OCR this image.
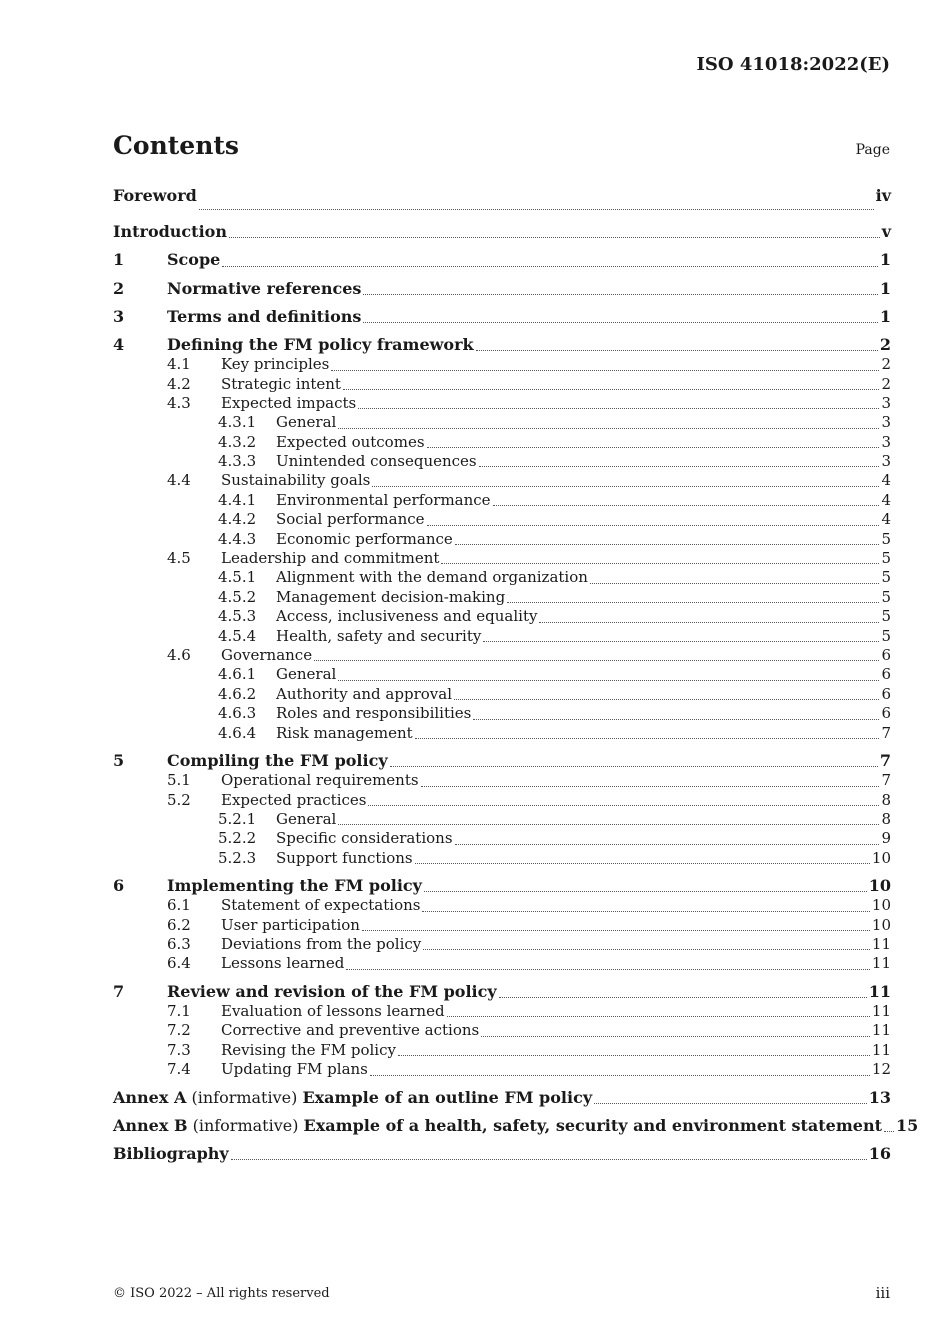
ISO 41018:2022(E)
Contents	Page
Foreword	iv
Introduction	v
1	Scope	1
2	Normative references	1
3	Terms and definitions	1
4	Defining the FM policy framework	2
4.1	Key principles	2
4.2	Strategic intent	2
4.3	Expected impacts	3
4.3.1	General	3
4.3.2	Expected outcomes	3
4.3.3	Unintended consequences	3
4.4	Sustainability goals	4
4.4.1	Environmental performance	4
4.4.2	Social performance	4
4.4.3	Economic performance	5
4.5	Leadership and commitment	5
4.5.1	Alignment with the demand organization	5
4.5.2	Management decision-making	5
4.5.3	Access, inclusiveness and equality	5
4.5.4	Health, safety and security	5
4.6	Governance	6
4.6.1	General	6
4.6.2	Authority and approval	6
4.6.3	Roles and responsibilities	6
4.6.4	Risk management	7
5	Compiling the FM policy	7
5.1	Operational requirements	7
5.2	Expected practices	8
5.2.1	General	8
5.2.2	Specific considerations	9
5.2.3	Support functions	10
6	Implementing the FM policy	10
6.1	Statement of expectations	10
6.2	User participation	10
6.3	Deviations from the policy	11
6.4	Lessons learned	11
7	Review and revision of the FM policy	11
7.1	Evaluation of lessons learned	11
7.2	Corrective and preventive actions	11
7.3	Revising the FM policy	11
7.4	Updating FM plans	12
Annex A (informative) Example of an outline FM policy	13
Annex B (informative) Example of a health, safety, security and environment statement 15
Bibliography	16
© ISO 2022 – All rights reserved	iii
